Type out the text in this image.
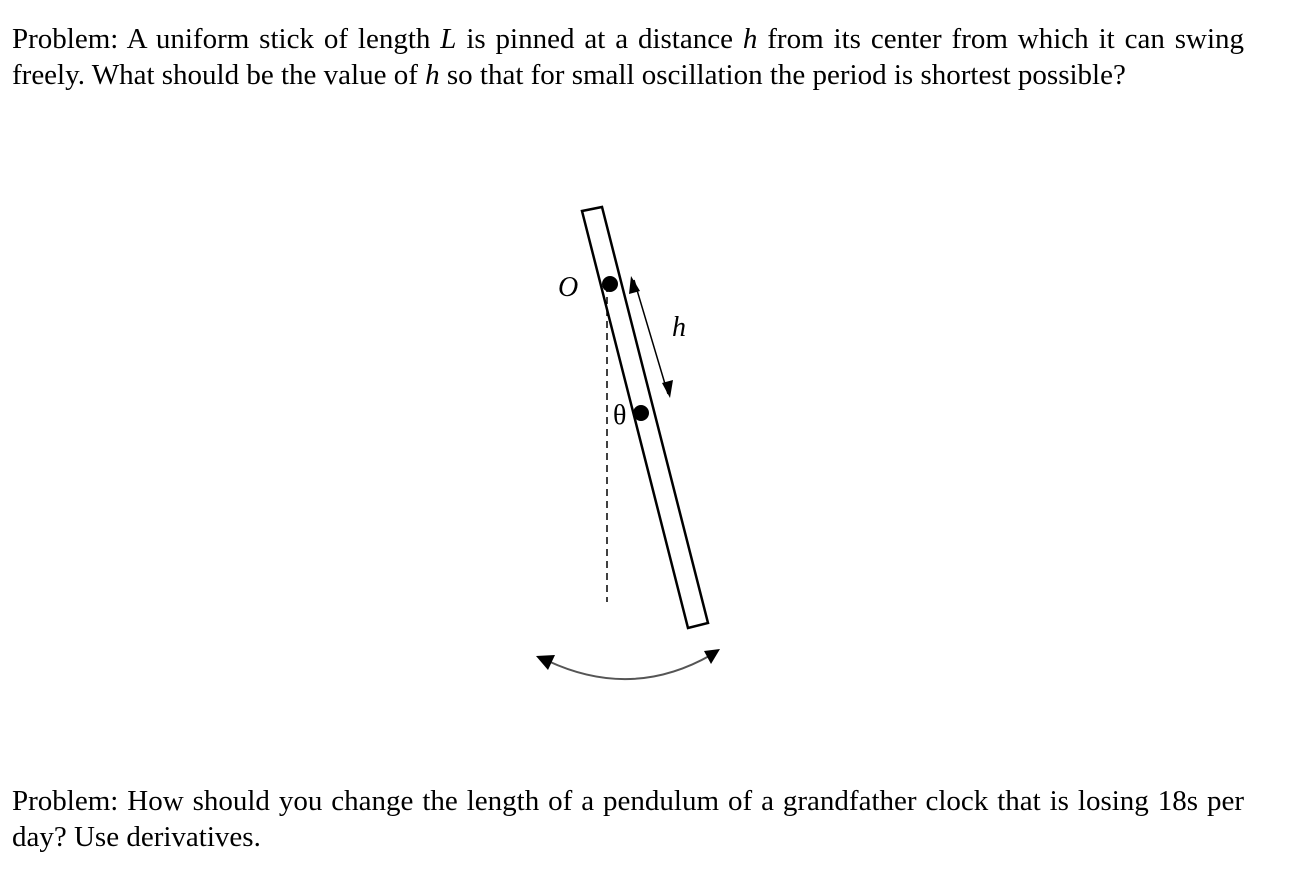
Problem: A uniform stick of length L is pinned at a distance h from its center from which it can swing freely. What should be the value of h so that for small oscillation the period is shortest possible?

O
h
θ

Problem: How should you change the length of a pendulum of a grandfather clock that is losing 18s per day? Use derivatives.
